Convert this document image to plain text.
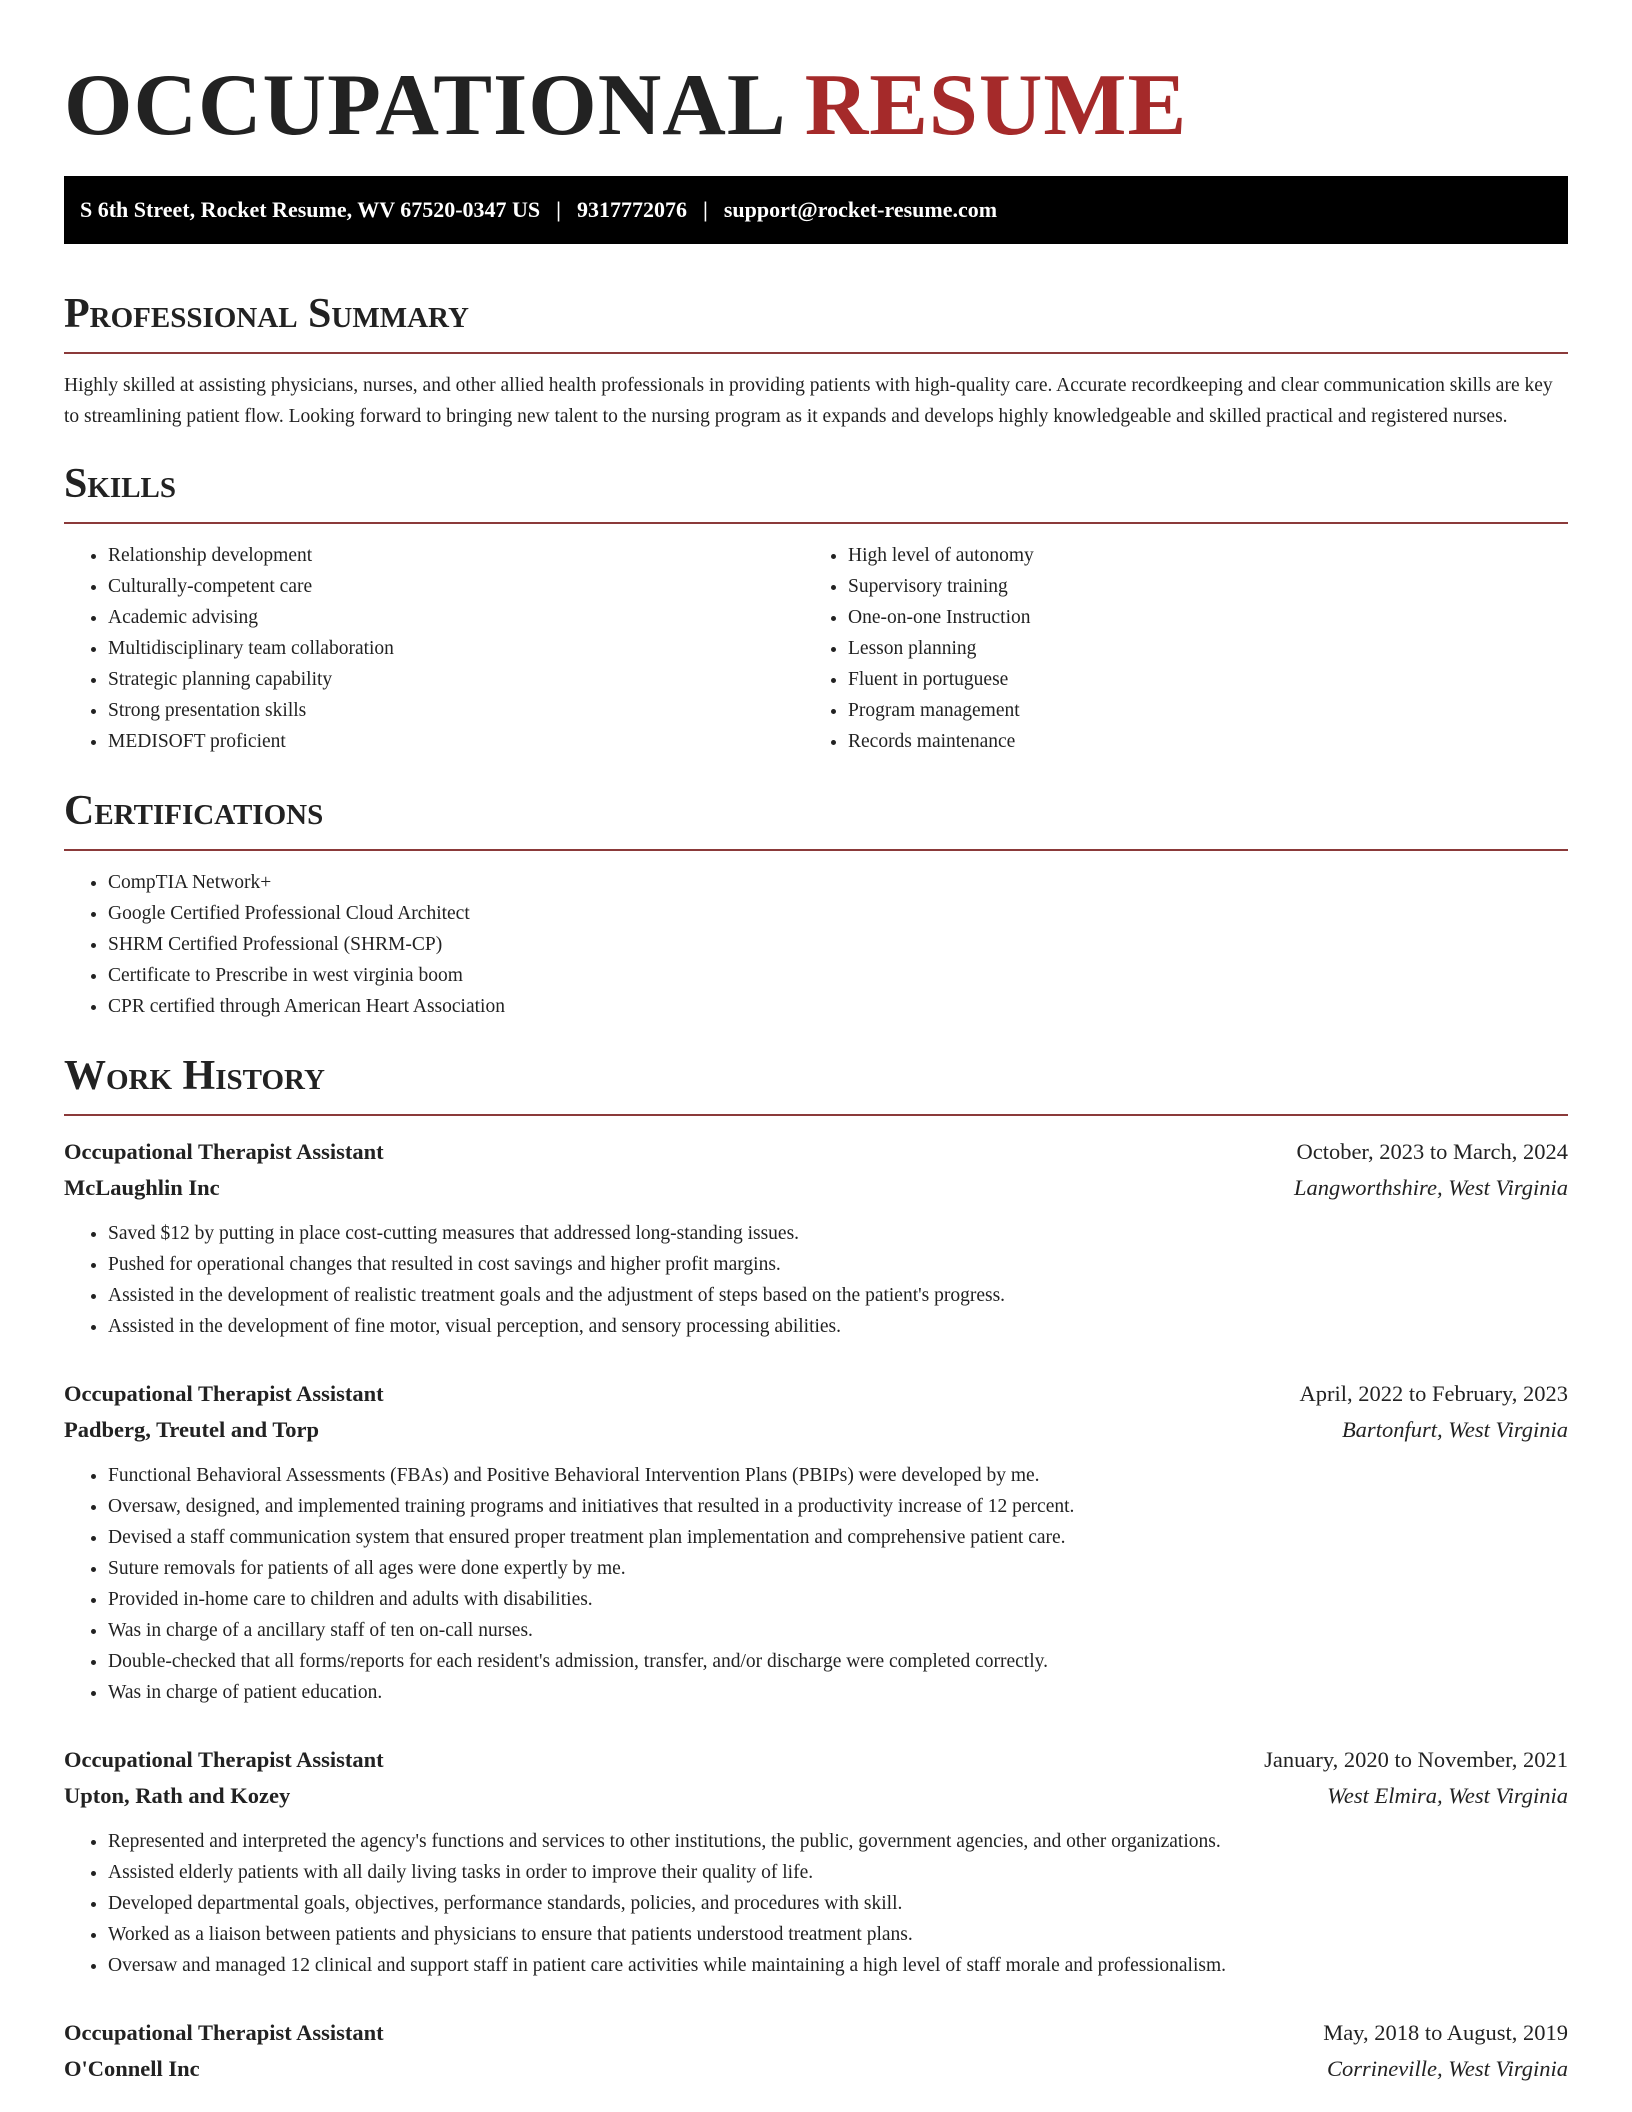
OCCUPATIONAL RESUME
S 6th Street, Rocket Resume, WV 67520-0347 US | 9317772076 | support@rocket-resume.com
Professional Summary

Highly skilled at assisting physicians, nurses, and other allied health professionals in providing patients with high-quality care. Accurate recordkeeping and clear communication skills are key to streamlining patient flow. Looking forward to bringing new talent to the nursing program as it expands and develops highly knowledgeable and skilled practical and registered nurses.

Skills
• Relationship development
• Culturally-competent care
• Academic advising
• Multidisciplinary team collaboration
• Strategic planning capability
• Strong presentation skills
• MEDISOFT proficient
• High level of autonomy
• Supervisory training
• One-on-one Instruction
• Lesson planning
• Fluent in portuguese
• Program management
• Records maintenance
Certifications
• CompTIA Network+
• Google Certified Professional Cloud Architect
• SHRM Certified Professional (SHRM-CP)
• Certificate to Prescribe in west virginia boom
• CPR certified through American Heart Association
Work History
Occupational Therapist Assistant	October, 2023 to March, 2024
McLaughlin Inc	Langworthshire, West Virginia
• Saved $12 by putting in place cost-cutting measures that addressed long-standing issues.
• Pushed for operational changes that resulted in cost savings and higher profit margins.
• Assisted in the development of realistic treatment goals and the adjustment of steps based on the patient's progress.
• Assisted in the development of fine motor, visual perception, and sensory processing abilities.
Occupational Therapist Assistant	April, 2022 to February, 2023
Padberg, Treutel and Torp	Bartonfurt, West Virginia
• Functional Behavioral Assessments (FBAs) and Positive Behavioral Intervention Plans (PBIPs) were developed by me.
• Oversaw, designed, and implemented training programs and initiatives that resulted in a productivity increase of 12 percent.
• Devised a staff communication system that ensured proper treatment plan implementation and comprehensive patient care.
• Suture removals for patients of all ages were done expertly by me.
• Provided in-home care to children and adults with disabilities.
• Was in charge of a ancillary staff of ten on-call nurses.
• Double-checked that all forms/reports for each resident's admission, transfer, and/or discharge were completed correctly.
• Was in charge of patient education.
Occupational Therapist Assistant	January, 2020 to November, 2021
Upton, Rath and Kozey	West Elmira, West Virginia
• Represented and interpreted the agency's functions and services to other institutions, the public, government agencies, and other organizations.
• Assisted elderly patients with all daily living tasks in order to improve their quality of life.
• Developed departmental goals, objectives, performance standards, policies, and procedures with skill.
• Worked as a liaison between patients and physicians to ensure that patients understood treatment plans.
• Oversaw and managed 12 clinical and support staff in patient care activities while maintaining a high level of staff morale and professionalism.
Occupational Therapist Assistant	May, 2018 to August, 2019
O'Connell Inc	Corrineville, West Virginia
